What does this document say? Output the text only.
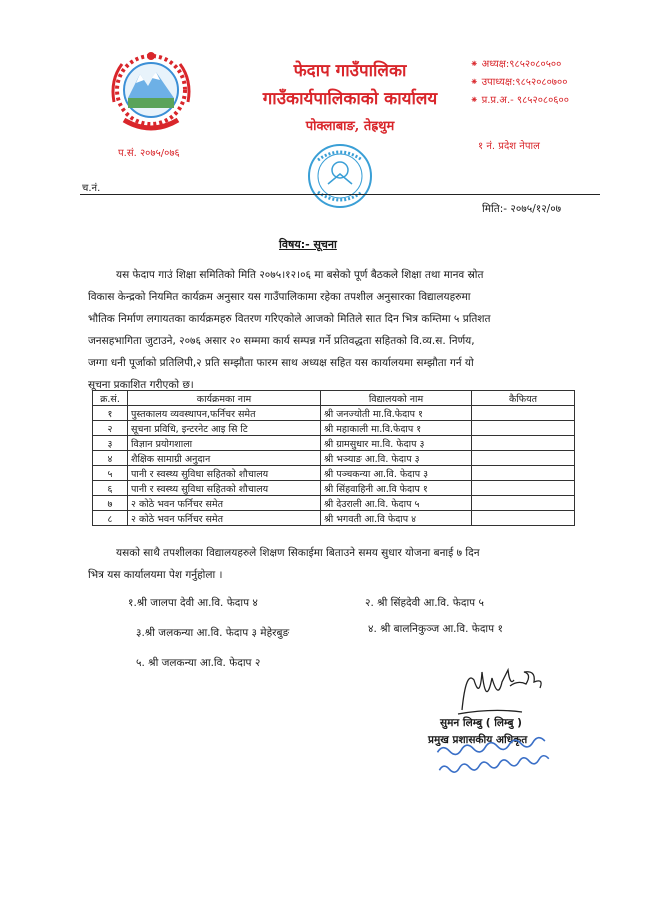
फेदाप गाउँपालिका
गाउँकार्यपालिकाको कार्यालय
पोक्लाबाङ, तेह्रथुम
⁕ अध्यक्ष:९८५२०८०५००
⁕ उपाध्यक्ष:९८५२०८०७००
⁕ प्र.प्र.अ.- ९८५२०८०६००
१ नं. प्रदेश नेपाल
प.सं. २०७५/०७६
च.नं.
मिति:- २०७५/१२/०७
विषय:- सूचना
यस फेदाप गाउं शिक्षा समितिको मिति २०७५।१२।०६ मा बसेको पूर्ण बैठकले शिक्षा तथा मानव स्रोत
विकास केन्द्रको नियमित कार्यक्रम अनुसार यस गाउँपालिकामा रहेका तपशील अनुसारका विद्यालयहरुमा
भौतिक निर्माण लगायतका कार्यक्रमहरु वितरण गरिएकोले आजको मितिले सात दिन भित्र कम्तिमा ५ प्रतिशत
जनसहभागिता जुटाउने, २०७६ असार २० सम्ममा कार्य सम्पन्न गर्ने प्रतिवद्धता सहितको वि.व्य.स. निर्णय,
जग्गा धनी पूर्जाको प्रतिलिपी,२ प्रति सम्झौता फारम साथ अध्यक्ष सहित यस कार्यालयमा सम्झौता गर्न यो
सूचना प्रकाशित गरीएको छ।
क्र.सं.	कार्यक्रमका नाम	विद्यालयको नाम	कैफियत
१	पुस्तकालय व्यवस्थापन,फर्निचर समेत	श्री जनज्योती मा.वि.फेदाप १	
२	सूचना प्रविधि, इन्टरनेट आइ सि टि	श्री महाकाली मा.वि.फेदाप १	
३	विज्ञान प्रयोगशाला	श्री ग्रामसुधार मा.वि. फेदाप ३	
४	शैक्षिक सामाग्री अनुदान	श्री भञ्याङ आ.वि. फेदाप ३	
५	पानी र स्वस्थ्य सुविधा सहितको शौचालय	श्री पञ्चकन्या आ.वि. फेदाप ३	
६	पानी र स्वस्थ्य सुविधा सहितको शौचालय	श्री सिंहवाहिनी आ.वि फेदाप १	
७	२ कोठे भवन फर्निचर समेत	श्री देउराली आ.वि. फेदाप ५	
८	२ कोठे भवन फर्निचर समेत	श्री भगवती आ.वि फेदाप ४	
यसको साथै तपशीलका विद्यालयहरुले शिक्षण सिकाईमा बिताउने समय सुधार योजना बनाई ७ दिन
भित्र यस कार्यालयमा पेश गर्नुहोला ।
१.श्री जालपा देवी आ.वि. फेदाप ४	२. श्री सिंहदेवी आ.वि. फेदाप ५
३.श्री जलकन्या आ.वि. फेदाप ३ मेहेरबुङ	४. श्री बालनिकुञ्ज आ.वि. फेदाप १
५. श्री जलकन्या आ.वि. फेदाप २
सुमन लिम्बु ( लिम्बु )
प्रमुख प्रशासकीय अधिकृत
